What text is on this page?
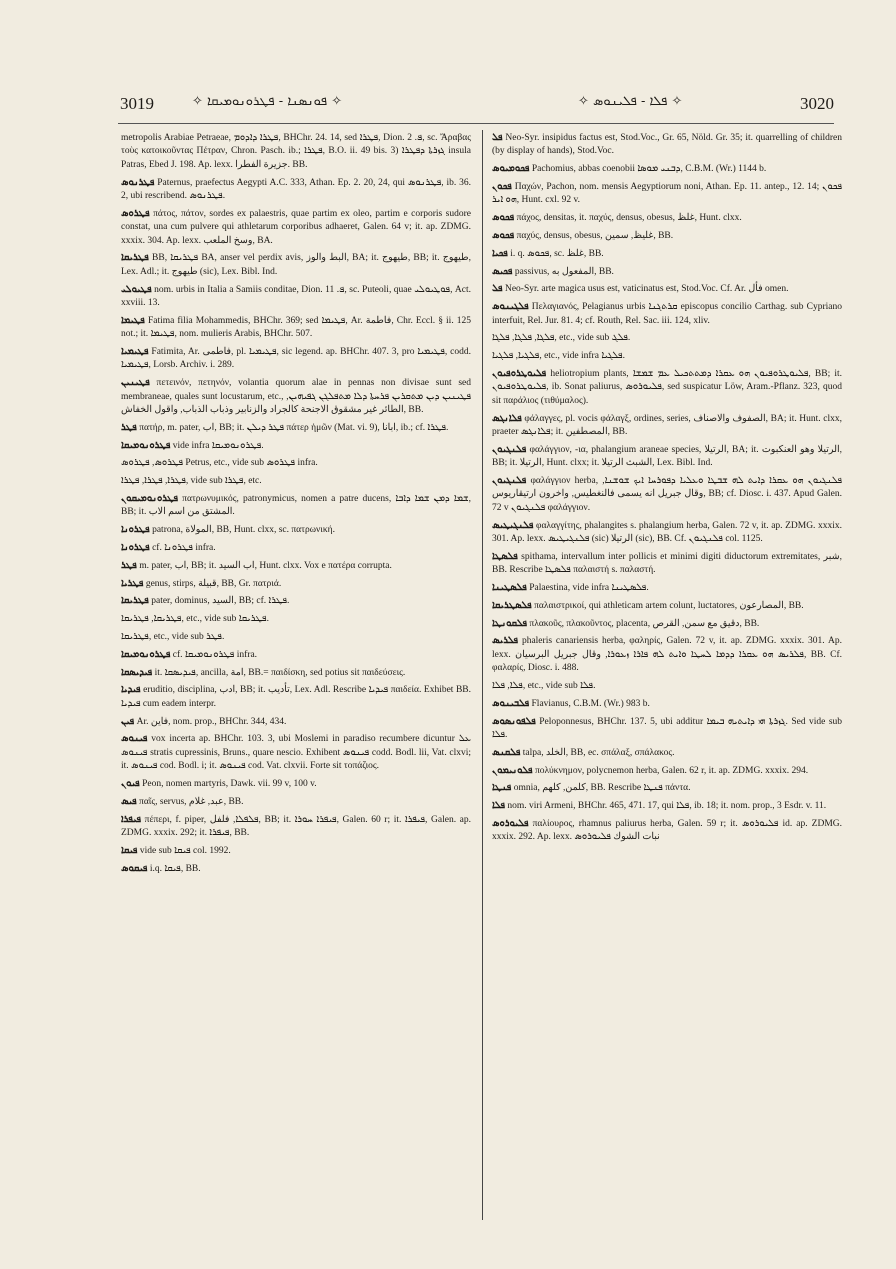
3019	✧ ܦܘܢܣܢܐ - ܦܛܪܘܢܘܡܝܩܐ ✧	✧ ܦܠܐ - ܦܠܝܢܘܣ ✧	3020

metropolis Arabiae Petraeae, ܦܛܪܐ ܕܐܕܘܡ, BHChr. 24. 14, sed ܦܛܪܐ, Dion. ܦ. 2, sc. Ἄραβας τοὺς κατοικοῦντας Πέτραν, Chron. Pasch. ib.; ܦܛܪܐ, B.O. ii. 49 bis. 3) ܓܙܪܬܐ ܕܦܛܪܐ insula Patras, Ebed J. 198. Ap. lexx. جزيرة الفطرا. BB.

ܦܛܪܢܘܣ Paternus, praefectus Aegypti A.C. 333, Athan. Ep. 2. 20, 24, qui ܦܛܪܢܘܣ, ib. 36. 2, ubi rescribend. ܦܛܪܢܘܣ.

ܦܛܪܘܣ πάτος, πάτον, sordes ex palaestris, quae partim ex oleo, partim e corporis sudore constat, una cum pulvere qui athletarum corporibus adhaeret, Galen. 64 v; it. ap. ZDMG. xxxix. 304. Ap. lexx. وسخ الملعب, BA.

ܦܛܪܝܩܐ BB, ܦܛܪܝܩܐ BA, anser vel perdix avis, البط والوز, BA; it. طيهوج, BB; it. طيهوج, Lex. Adl.; it. طيهوج (sic), Lex. Bibl. Ind.

ܦܛܝܘܠܝ nom. urbis in Italia a Samiis conditae, Dion. ܦ. 11, sc. Puteoli, quae ܦܘܛܝܘܠܝ, Act. xxviii. 13.

ܦܛܝܡܐ Fatima filia Mohammedis, BHChr. 369; sed ܦܛܝܡܐ, Ar. فاطمة, Chr. Eccl. § ii. 125 not.; it. ܦܛܝܡܐ, nom. mulieris Arabis, BHChr. 507.

ܦܛܝܡܝܐ Fatimita, Ar. فاطمى, pl. ܦܛܝܡܝܐ, sic legend. ap. BHChr. 407. 3, pro ܦܛܝܡܝܐ, codd. ܦܛܝܡܝܐ, Lorsb. Archiv. i. 289.

ܦܛܝܢܝܢ πετεινόν, πετηνόν, volantia quorum alae in pennas non divisae sunt sed membraneae, quales sunt locustarum, etc., ܦܛܝܢܝܢ ܕܝܢ ܡܬܩܪܝܢ ܦܪܚܬܐ ܕܠܐ ܡܬܦܠܓܢ ܓܦܝܗܝܢ, الطائر غير مشقوق الاجنحة كالجراد والزنابير وذباب الذباب, واقول الخفاش, BB.

ܦܛܪ πατήρ, m. pater, اب, BB; it. ܦܛܪ ܕܝܠܢ πάτερ ἡμῶν (Mat. vi. 9), ابانا, ib.; cf. ܦܛܪܐ.

ܦܛܪܘܢܘܡܝܩܐ vide infra ܦܛܪܘܢܘܡܝܩܐ.

ܦܛܪܘܣ, ܦܛܪܘܣ Petrus, etc., vide sub ܦܛܪܘܣ infra.

ܦܛܪܐ, ܦܛܪܐ, ܦܛܪܐ, vide sub ܦܛܪܐ, etc.

ܦܛܪܘܢܘܡܝܩܘܢ πατρωνυμικός, patronymicus, nomen a patre ducens, ܫܡܐ ܕܡܢ ܫܡܐ ܕܐܒܐ, BB; it. المشتق من اسم الاب.

ܦܛܪܘܢܐ patrona, المولاة, BB, Hunt. clxx, sc. πατρωνική.

ܦܛܪܘܢܐ cf. ܦܛܪܘܢܐ infra.

ܦܛܪ m. pater, اب, BB; it. اب السيد, Hunt. clxx. Vox e πατέρα corrupta.

ܦܛܪܝܐ genus, stirps, قبيلة, BB, Gr. πατριά.

ܦܛܪܝܩܐ pater, dominus, السيد, BB; cf. ܦܛܪܐ.

ܦܛܪܝܩܐ, ܦܛܪܝܩܐ, etc., vide sub ܦܛܪܝܩܐ.

ܦܛܪܝܩܐ, etc., vide sub ܦܛܪ.

ܦܛܪܘܢܘܡܝܩܐ cf. ܦܛܪܘܢܘܡܝܩܐ infra.

ܦܝܕܝܣܩܐ it. ܦܝܕܝܣܩܐ, ancilla, امة, BB.= παιδίσκη, sed potius sit παιδεύσεις.

ܦܝܕܝܐ eruditio, disciplina, ادب, BB; it. تأديب, Lex. Adl. Rescribe ܦܝܕܝܐ παιδεία. Exhibet BB. ܦܝܕܝܐ cum eadem interpr.

ܦܝܢ Ar. فاين, nom. prop., BHChr. 344, 434.

ܦܝܢܘܣ vox incerta ap. BHChr. 103. 3, ubi Moslemi in paradiso recumbere dicuntur ܥܠ ܦܝܢܘܣ stratis cupressinis, Bruns., quare nescio. Exhibent ܦܝܢܘܣ codd. Bodl. lii, Vat. clxvi; it. ܦܝܢܘܣ cod. Bodl. i; it. ܦܝܢܘܣ cod. Vat. clxvii. Forte sit τοπάζιος.

ܦܝܘܢ Peon, nomen martyris, Dawk. vii. 99 v, 100 v.

ܦܝܣ παῖς, servus, عبد, غلام, BB.

ܦܝܦܪܐ πέπερι, f. piper, ܦܠܦܠܐ, فلفل, BB; it. ܦܝܦܪܐ ܚܘܪܐ, Galen. 60 r; it. ܦܝܦܪܐ, Galen. ap. ZDMG. xxxix. 292; it. ܦܝܦܪܐ, BB.

ܦܝܩܐ vide sub ܦܝܩܐ col. 1992.

ܦܝܩܘܣ i.q. ܦܝܩܐ, BB.

ܦܠ Neo-Syr. insipidus factus est, Stod.Voc., Gr. 65, Nöld. Gr. 35; it. quarrelling of children (by display of hands), Stod.Voc.

ܦܟܘܡܝܘܣ Pachomius, abbas coenobii ܕܒܢܝ ܡܘܣܐ, C.B.M. (Wr.) 1144 b.

ܦܟܘܢ Παχών, Pachon, nom. mensis Aegyptiorum noni, Athan. Ep. 11. antep., 12. 14; ܦܟܘܢ ܗܘ ܐܝܪ, Hunt. cxl. 92 v.

ܦܟܘܣ πάχος, densitas, it. παχύς, densus, obesus, غلظ, Hunt. clxx.

ܦܟܘܣ παχύς, densus, obesus, غليظ, سمين, BB.

ܦܟܝܐ i. q. ܦܟܘܣ, sc. غلظ, BB.

ܦܟܝܣ passivus, المفعول به, BB.

ܦܠ Neo-Syr. arte magica usus est, vaticinatus est, Stod.Voc. Cf. Ar. فأل omen.

ܦܠܓܝܢܘܣ Πελαγιανός, Pelagianus urbis ܩܪܬܓܢܐ episcopus concilio Carthag. sub Cypriano interfuit, Rel. Jur. 81. 4; cf. Routh, Rel. Sac. iii. 124, xliv.

ܦܠܓܐ, ܦܠܓܐ, ܦܠܓܐ, etc., vide sub ܦܠܓ.

ܦܠܓܝܐ, ܦܠܓܝܐ, etc., vide infra ܦܠܓܝܐ.

ܦܠܝܘܛܪܘܦܝܘܢ heliotropium plants, ܦܠܝܘܛܪܘܦܝܘܢ ܗܘ ܥܩܪܐ ܕܡܬܬܟܝܠ ܥܡ ܫܡܫܐ, BB; it. ܦܠܝܘܛܪܘܦܝܘܢ, ib. Sonat paliurus, ܦܠܝܘܪܘܣ, sed suspicatur Löw, Aram.-Pflanz. 323, quod sit παράλιος (τιθύμαλος).

ܦܠܐܢܓܣ φάλαγγες, pl. vocis φάλαγξ, ordines, series, الصفوف والاصناف, BA; it. Hunt. clxx, praeter ܦܠܐܢܓܣ; it. المصطفين, BB.

ܦܠܢܓܝܘܢ φαλάγγιον, -ια, phalangium araneae species, الرتيلا, BA; it. الرتيلا وهو العنكبوت, BB; it. الرتيلا, Hunt. clxx; it. الشبث الرتيلا, Lex. Bibl. Ind.

ܦܠܢܓܝܘܢ φαλάγγιον herba, ܦܠܢܓܝܘܢ ܗܘ ܥܩܪܐ ܕܐܝܬ ܠܗ ܫܒܛܐ ܘܥܠܝܐ ܕܦܘܪܚܐ ܐܝܟ ܫܘܫܢܐ, وقال جبريل انه يسمى فالنغطيس, واخرون ارتيقاريوس, BB; cf. Diosc. i. 437. Apud Galen. 72 v ܦܠܢܓܝܘܢ φαλάγγιον.

ܦܠܢܓܝܛܝܣ φαλαγγίτης, phalangites s. phalangium herba, Galen. 72 v, it. ap. ZDMG. xxxix. 301. Ap. lexx. ܦܠܢܓܝܛܝܣ (sic) الرتيلا (sic), BB. Cf. ܦܠܢܓܝܘܢ col. 1125.

ܦܠܣܛܐ spithama, intervallum inter pollicis et minimi digiti diductorum extremitates, شبر, BB. Rescribe ܦܠܣܛܐ παλαιστή s. παλαστή.

ܦܠܣܛܝܢܐ Palaestina, vide infra ܦܠܣܛܝܢܐ.

ܦܠܣܛܪܝܩܐ παλαιστρικοί, qui athleticam artem colunt, luctatores, المصارعون, BB.

ܦܠܩܘܢܛܐ πλακοῦς, πλακοῦντος, placenta, دقيق مع سمن, القرص, BB.

ܦܠܪܝܣ phaleris canariensis herba, φαληρίς, Galen. 72 v, it. ap. ZDMG. xxxix. 301. Ap. lexx. ܦܠܪܝܣ ܗܘ ܥܩܪܐ ܕܕܡܐ ܠܚܛܐ ܘܐܝܬ ܠܗ ܦܐܪܐ ܙܥܘܪܐ, وقال جبريل البرسيان, BB. Cf. φαλαρίς, Diosc. i. 488.

ܦܠܐ, ܦܠܐ, etc., vide sub ܦܠܐ.

ܦܠܒܝܢܘܣ Flavianus, C.B.M. (Wr.) 983 b.

ܦܠܦܘܢܣܘܣ Peloponnesus, BHChr. 137. 5, ubi additur ܓܙܪܬܐ ܗܝ ܕܐܝܬܝܗ ܒܝܡܐ. Sed vide sub ܦܠܐ.

ܦܠܩܢܣ talpa, الخلد, BB, ec. σπάλαξ, σπάλακος.

ܦܠܘܢܝܡܘܢ πολύκνημον, polycnemon herba, Galen. 62 r, it. ap. ZDMG. xxxix. 294.

ܦܢܛܐ omnia, كلمن, كلهم, BB. Rescribe ܦܢܛܐ πάντα.

ܦܠܐ nom. viri Armeni, BHChr. 465, 471. 17, qui ܦܠܐ, ib. 18; it. nom. prop., 3 Esdr. v. 11.

ܦܠܝܘܪܘܣ παλίουρος, rhamnus paliurus herba, Galen. 59 r; it. ܦܠܝܘܪܘܣ id. ap. ZDMG. xxxix. 292. Ap. lexx. نبات الشوك ܦܠܝܘܪܘܣ
